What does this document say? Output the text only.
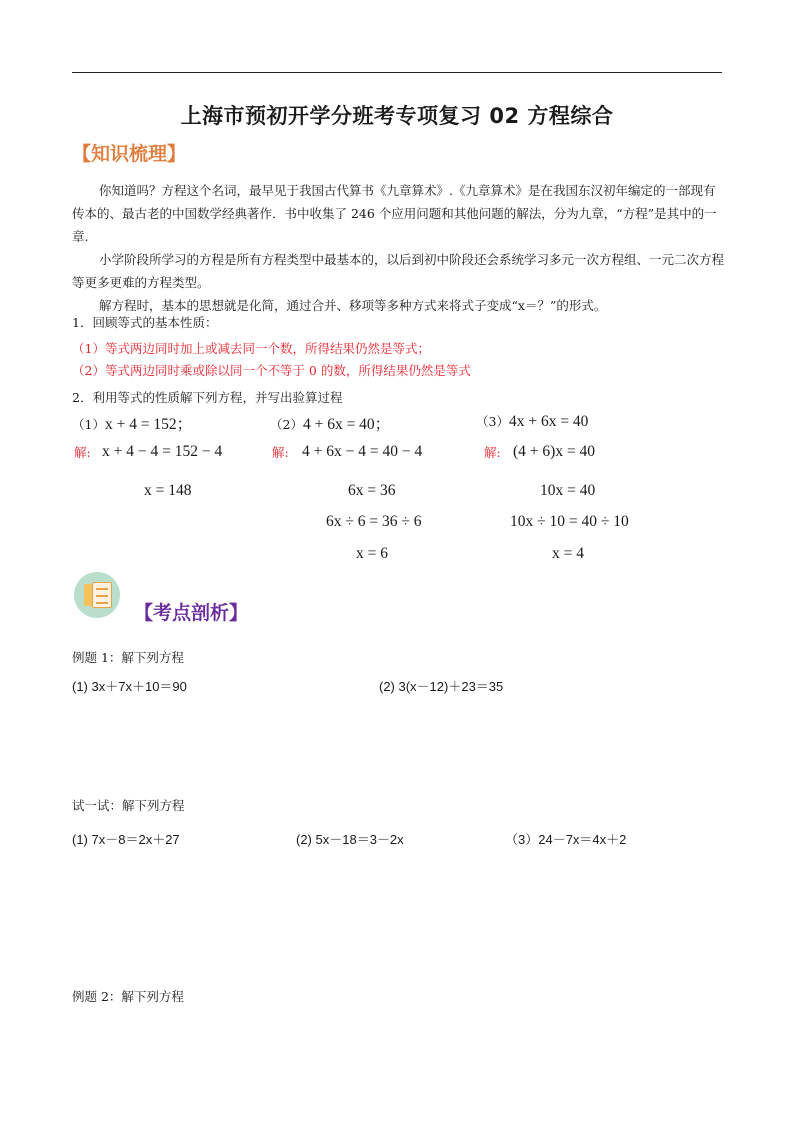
上海市预初开学分班考专项复习 02 方程综合
【知识梳理】

你知道吗？方程这个名词，最早见于我国古代算书《九章算术》.《九章算术》是在我国东汉初年编定的一部现有传本的、最古老的中国数学经典著作．书中收集了 246 个应用问题和其他问题的解法，分为九章，“方程”是其中的一章.

小学阶段所学习的方程是所有方程类型中最基本的，以后到初中阶段还会系统学习多元一次方程组、一元二次方程等更多更难的方程类型。

解方程时，基本的思想就是化简，通过合并、移项等多种方式来将式子变成“x＝？”的形式。

1．回顾等式的基本性质：
（1）等式两边同时加上或减去同一个数，所得结果仍然是等式；
（2）等式两边同时乘或除以同一个不等于 0 的数，所得结果仍然是等式
2．利用等式的性质解下列方程，并写出验算过程
（1）x + 4 = 152；	（2）4 + 6x = 40；	（3）4x + 6x = 40
解: x + 4 − 4 = 152 − 4
x = 148
解: 4 + 6x − 4 = 40 − 4
6x = 36
6x ÷ 6 = 36 ÷ 6
x = 6
解: (4 + 6)x = 40
10x = 40
10x ÷ 10 = 40 ÷ 10
x = 4
【考点剖析】
例题 1：解下列方程
(1) 3x＋7x＋10＝90	(2) 3(x－12)＋23＝35
试一试：解下列方程
(1) 7x－8＝2x＋27	(2) 5x－18＝3－2x	（3）24－7x＝4x＋2
例题 2：解下列方程
